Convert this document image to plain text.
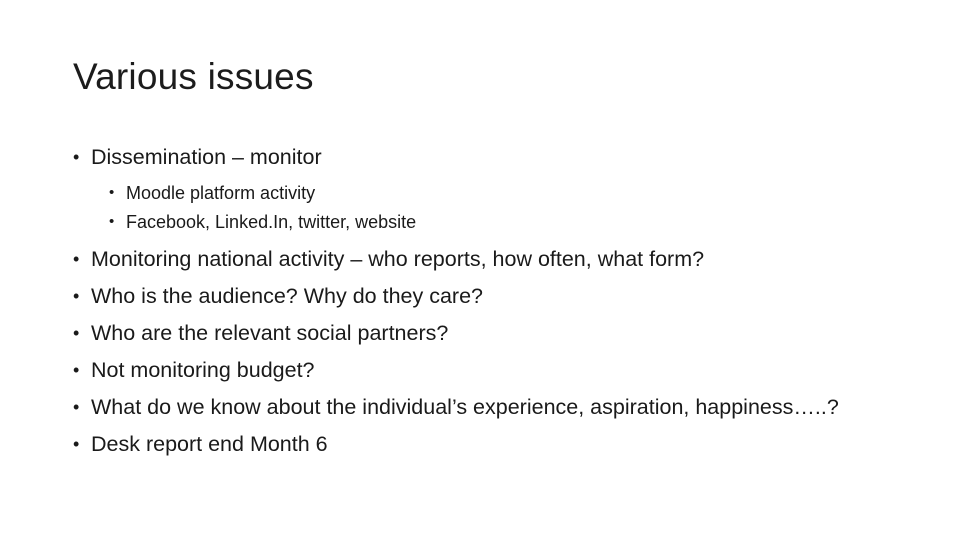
Various issues
• Dissemination – monitor
• Moodle platform activity
• Facebook, Linked.In, twitter, website
• Monitoring national activity – who reports, how often, what form?
• Who is the audience? Why do they care?
• Who are the relevant social partners?
• Not monitoring budget?
• What do we know about the individual’s experience, aspiration, happiness…..?
• Desk report end Month 6
